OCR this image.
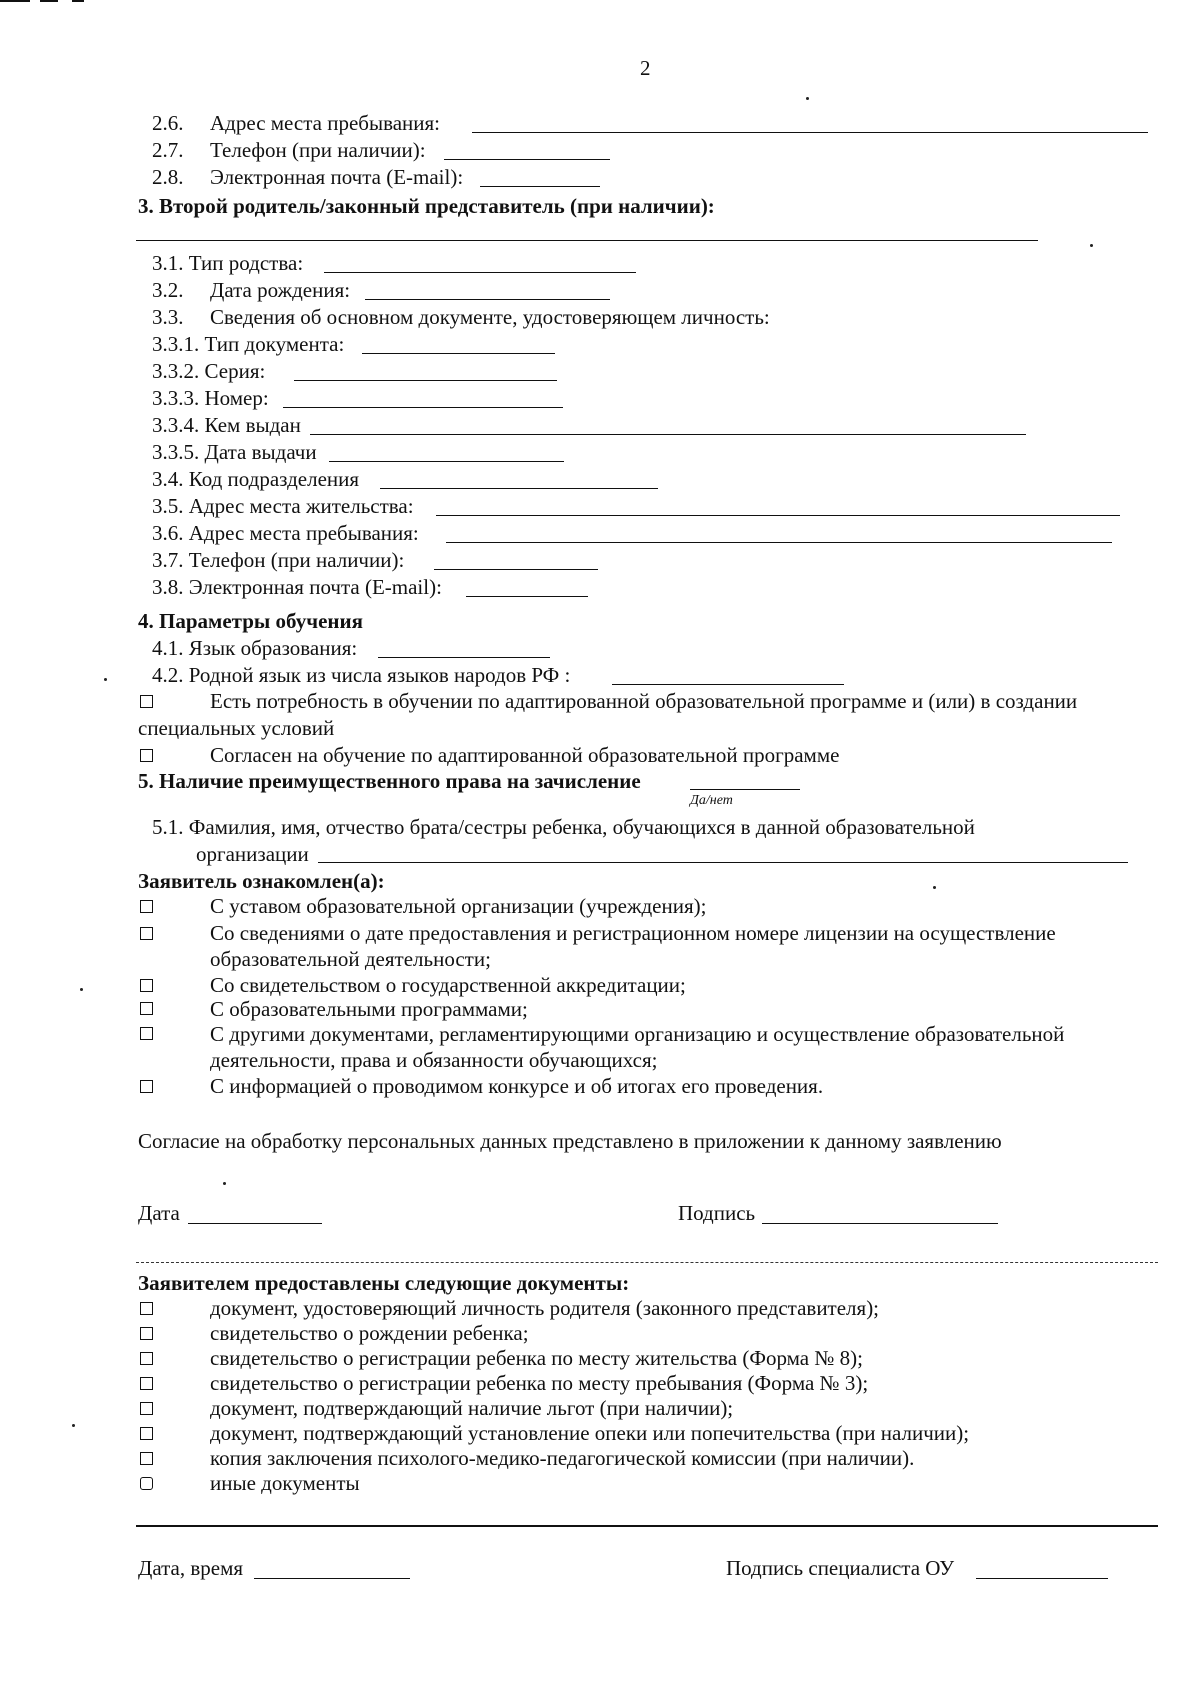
2
2.6. Адрес места пребывания:
2.7. Телефон (при наличии):
2.8. Электронная почта (E-mail):
3. Второй родитель/законный представитель (при наличии):
3.1. Тип родства:
3.2. Дата рождения:
3.3. Сведения об основном документе, удостоверяющем личность:
3.3.1. Тип документа:
3.3.2. Серия:
3.3.3. Номер:
3.3.4. Кем выдан
3.3.5. Дата выдачи
3.4. Код подразделения
3.5. Адрес места жительства:
3.6. Адрес места пребывания:
3.7. Телефон (при наличии):
3.8. Электронная почта (E-mail):
4. Параметры обучения
4.1. Язык образования:
4.2. Родной язык из числа языков народов РФ :
Есть потребность в обучении по адаптированной образовательной программе и (или) в создании
специальных условий
Согласен на обучение по адаптированной образовательной программе
5. Наличие преимущественного права на зачисление
Да/нет
5.1. Фамилия, имя, отчество брата/сестры ребенка, обучающихся в данной образовательной
организации
Заявитель ознакомлен(а):
С уставом образовательной организации (учреждения);
Со сведениями о дате предоставления и регистрационном номере лицензии на осуществление
образовательной деятельности;
Со свидетельством о государственной аккредитации;
С образовательными программами;
С другими документами, регламентирующими организацию и осуществление образовательной
деятельности, права и обязанности обучающихся;
С информацией о проводимом конкурсе и об итогах его проведения.
Согласие на обработку персональных данных представлено в приложении к данному заявлению
Дата	Подпись
Заявителем предоставлены следующие документы:
документ, удостоверяющий личность родителя (законного представителя);
свидетельство о рождении ребенка;
свидетельство о регистрации ребенка по месту жительства (Форма № 8);
свидетельство о регистрации ребенка по месту пребывания (Форма № 3);
документ, подтверждающий наличие льгот (при наличии);
документ, подтверждающий установление опеки или попечительства (при наличии);
копия заключения психолого-медико-педагогической комиссии (при наличии).
иные документы
Дата, время	Подпись специалиста ОУ
